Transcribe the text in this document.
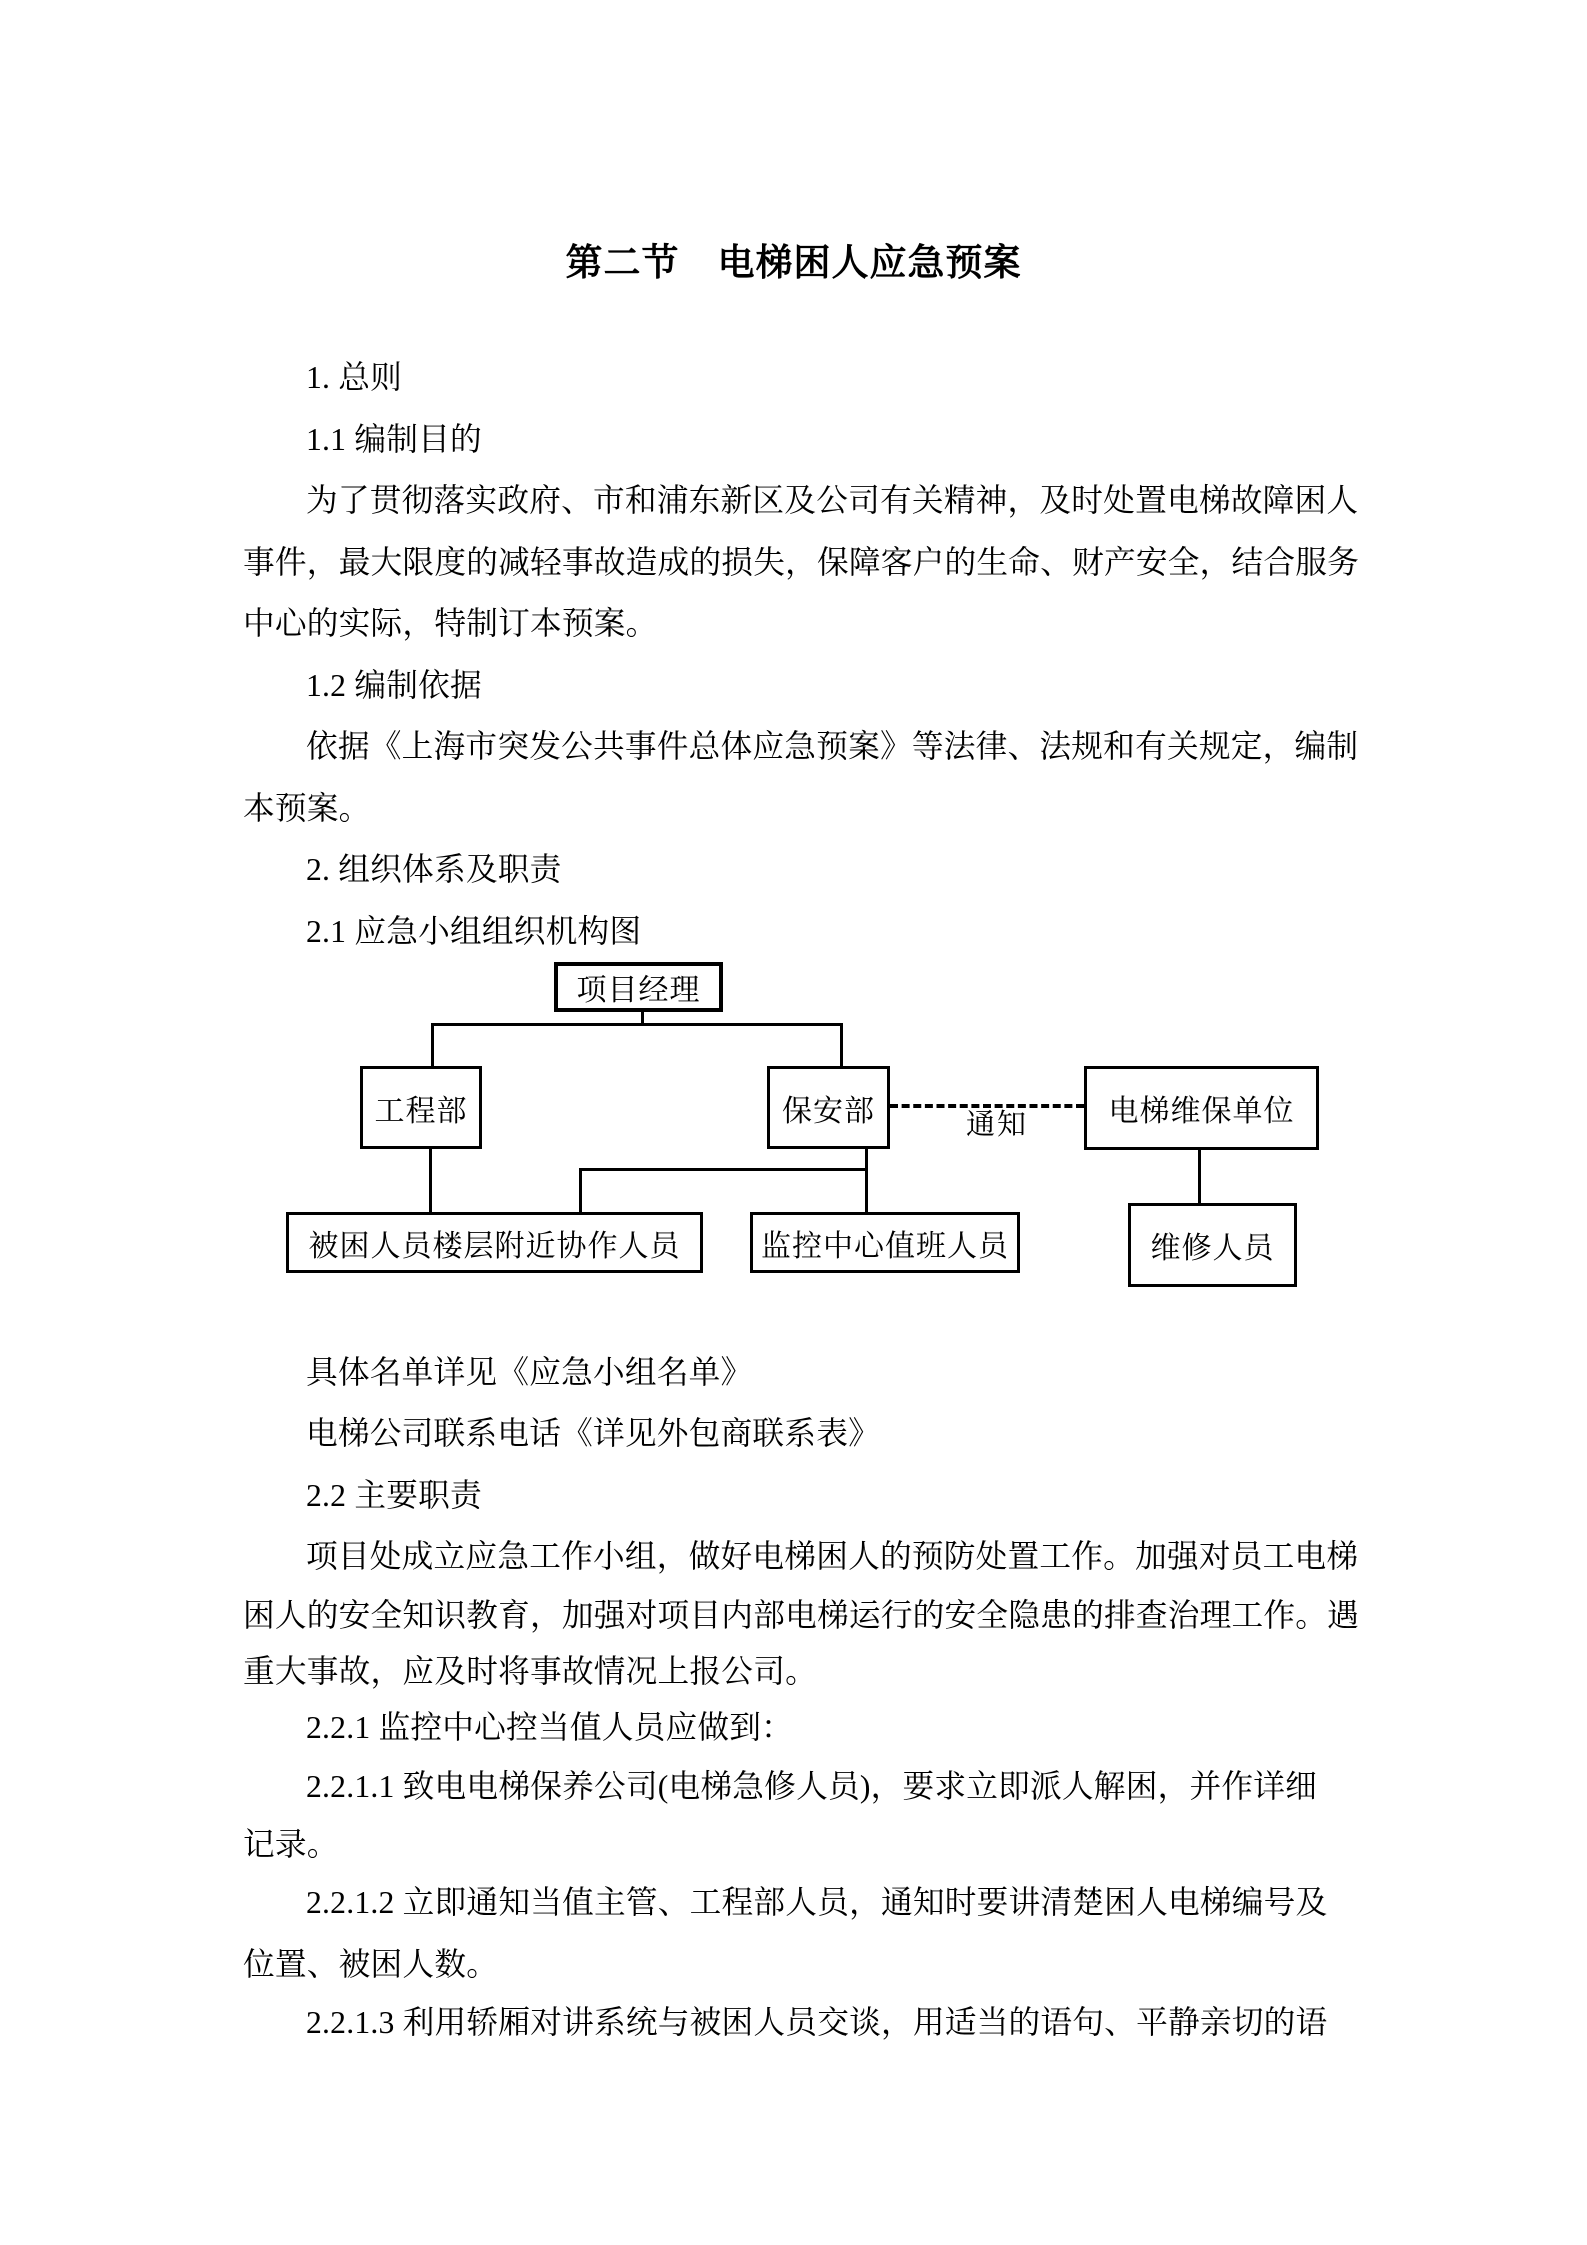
第二节　电梯困人应急预案
1. 总则
1.1 编制目的
为了贯彻落实政府、市和浦东新区及公司有关精神，及时处置电梯故障困人
事件，最大限度的减轻事故造成的损失，保障客户的生命、财产安全，结合服务
中心的实际，特制订本预案。
1.2 编制依据
依据《上海市突发公共事件总体应急预案》等法律、法规和有关规定，编制
本预案。
2. 组织体系及职责
2.1 应急小组组织机构图
项目经理
工程部	保安部	电梯维保单位
通知
被困人员楼层附近协作人员	监控中心值班人员	维修人员
具体名单详见《应急小组名单》
电梯公司联系电话《详见外包商联系表》
2.2 主要职责
项目处成立应急工作小组，做好电梯困人的预防处置工作。加强对员工电梯
困人的安全知识教育，加强对项目内部电梯运行的安全隐患的排查治理工作。遇
重大事故，应及时将事故情况上报公司。
2.2.1 监控中心控当值人员应做到：
2.2.1.1 致电电梯保养公司(电梯急修人员)，要求立即派人解困，并作详细
记录。
2.2.1.2 立即通知当值主管、工程部人员，通知时要讲清楚困人电梯编号及
位置、被困人数。
2.2.1.3 利用轿厢对讲系统与被困人员交谈，用适当的语句、平静亲切的语
